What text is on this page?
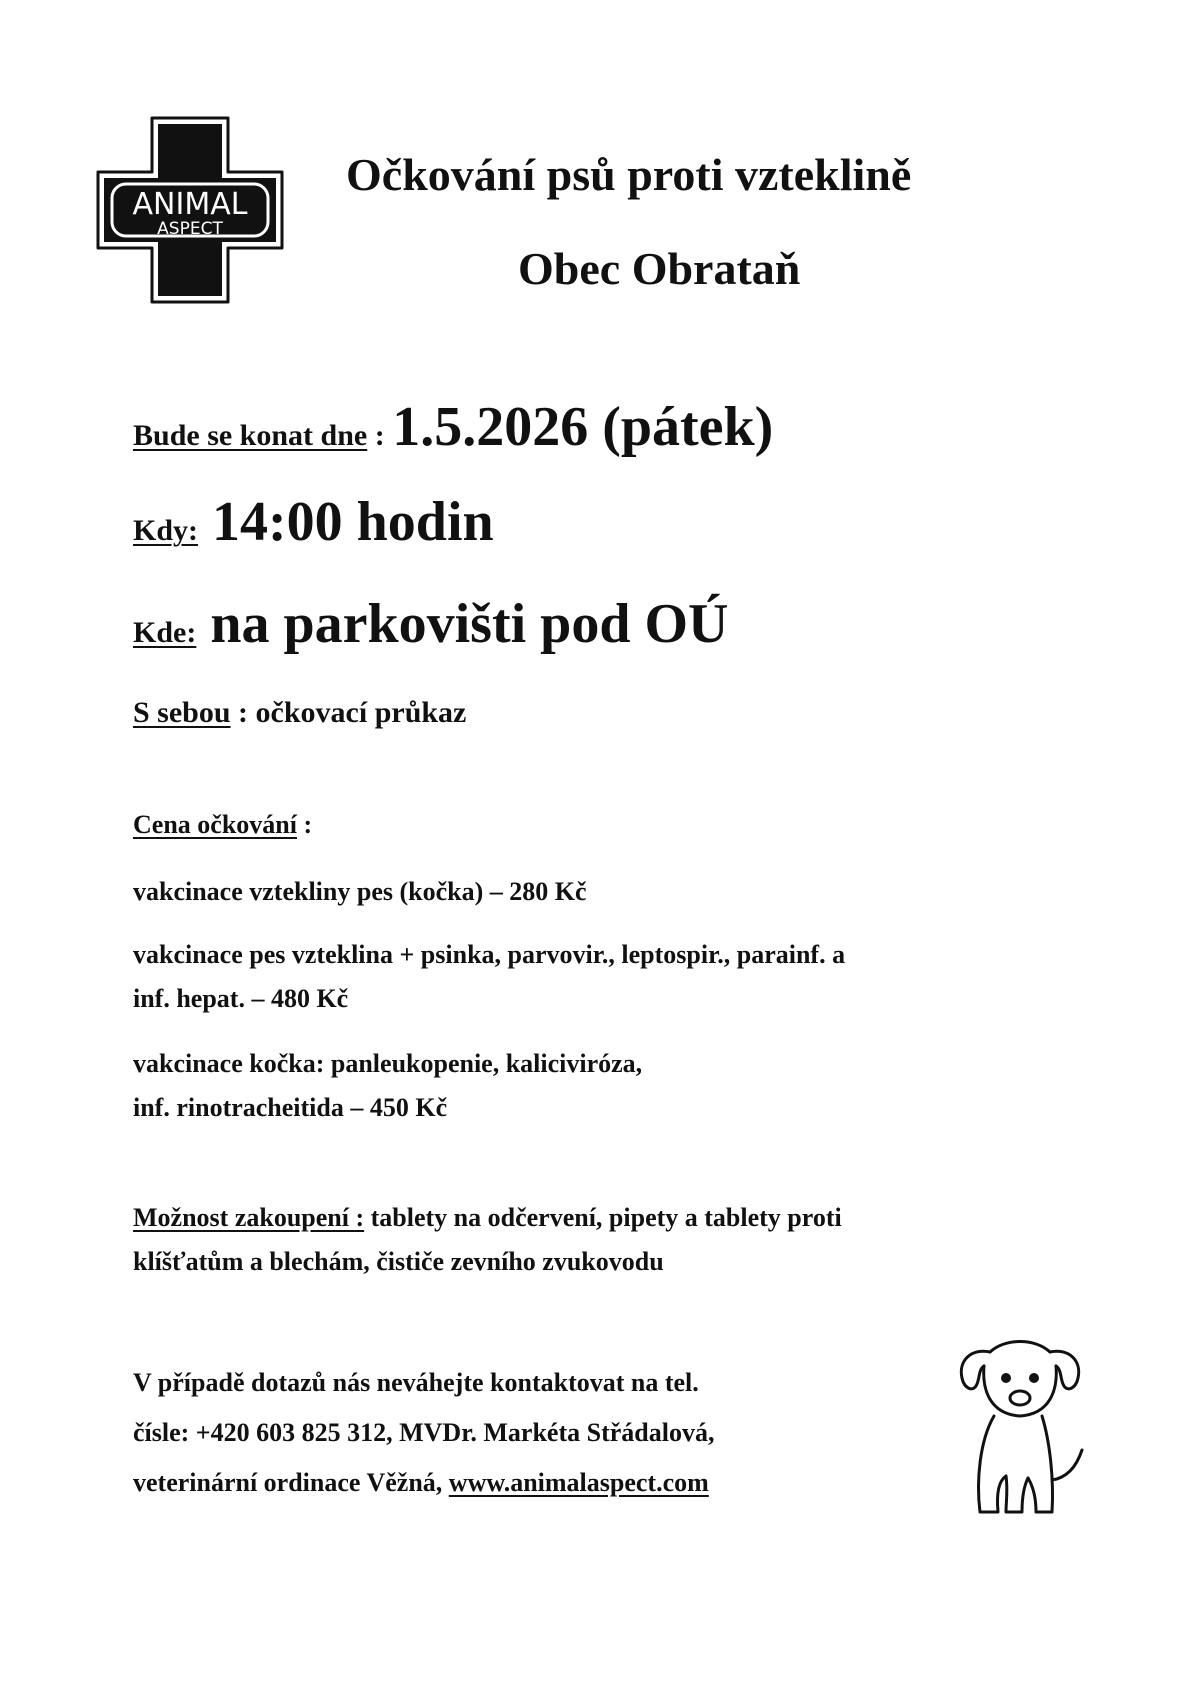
ANIMAL
ASPECT
Očkování psů proti vzteklině
Obec Obrataň
Bude se konat dne : 1.5.2026 (pátek)
Kdy: 14:00 hodin
Kde: na parkovišti pod OÚ
S sebou : očkovací průkaz
Cena očkování :
vakcinace vztekliny pes (kočka) – 280 Kč
vakcinace pes vzteklina + psinka, parvovir., leptospir., parainf. a
inf. hepat. – 480 Kč
vakcinace kočka: panleukopenie, kaliciviróza,
inf. rinotracheitida – 450 Kč
Možnost zakoupení : tablety na odčervení, pipety a tablety proti
klíšťatům a blechám, čističe zevního zvukovodu
V případě dotazů nás neváhejte kontaktovat na tel.
čísle: +420 603 825 312, MVDr. Markéta Střádalová,
veterinární ordinace Věžná, www.animalaspect.com
